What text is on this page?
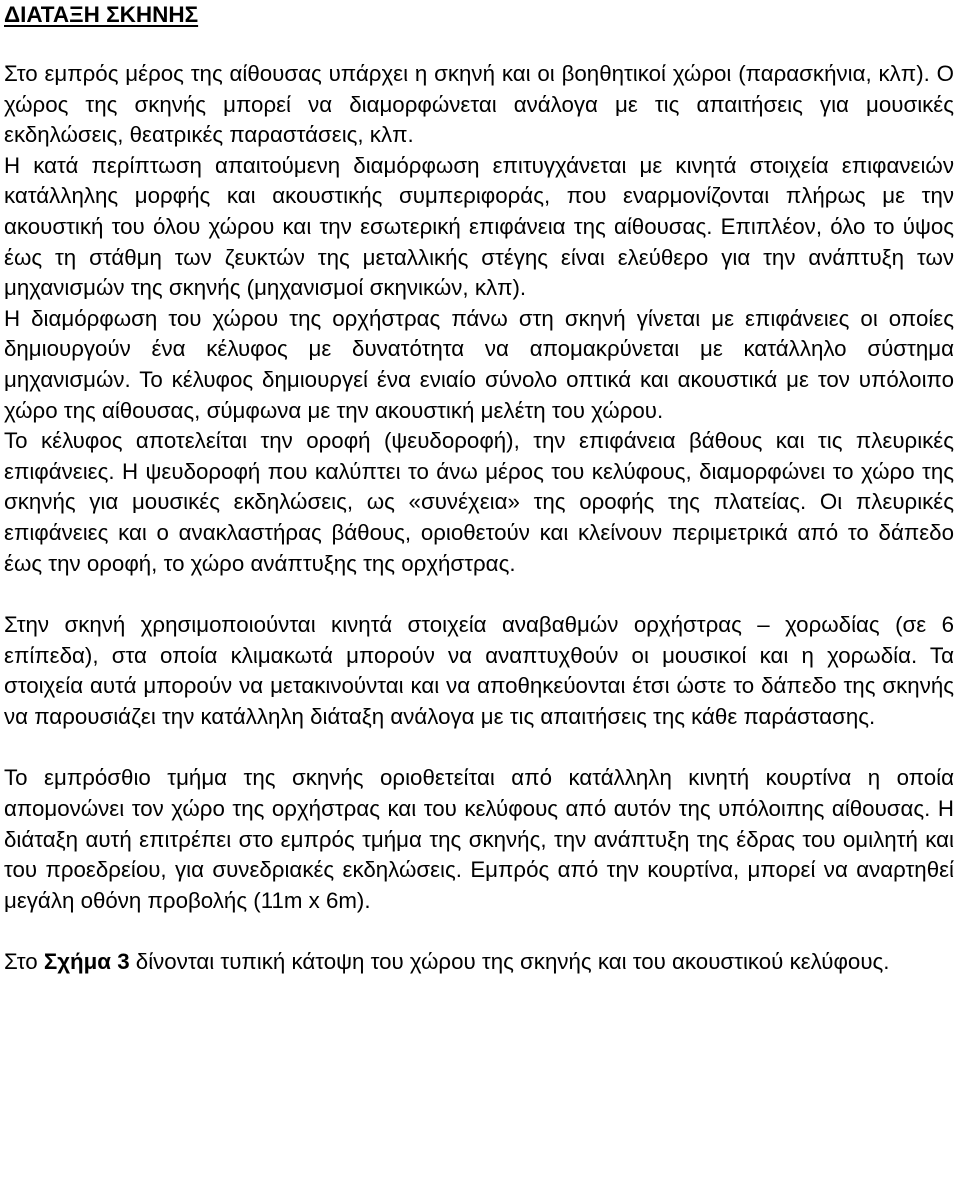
ΔΙΑΤΑΞΗ ΣΚΗΝΗΣ

Στο εμπρός μέρος της αίθουσας υπάρχει η σκηνή και οι βοηθητικοί χώροι (παρασκήνια, κλπ). Ο χώρος της σκηνής μπορεί να διαμορφώνεται ανάλογα με τις απαιτήσεις για μουσικές εκδηλώσεις, θεατρικές παραστάσεις, κλπ.

Η κατά περίπτωση απαιτούμενη διαμόρφωση επιτυγχάνεται με κινητά στοιχεία επιφανειών κατάλληλης μορφής και ακουστικής συμπεριφοράς, που εναρμονίζονται πλήρως με την ακουστική του όλου χώρου και την εσωτερική επιφάνεια της αίθουσας. Επιπλέον, όλο το ύψος έως τη στάθμη των ζευκτών της μεταλλικής στέγης είναι ελεύθερο για την ανάπτυξη των μηχανισμών της σκηνής (μηχανισμοί σκηνικών, κλπ).

Η διαμόρφωση του χώρου της ορχήστρας πάνω στη σκηνή γίνεται με επιφάνειες οι οποίες δημιουργούν ένα κέλυφος με δυνατότητα να απομακρύνεται με κατάλληλο σύστημα μηχανισμών. Το κέλυφος δημιουργεί ένα ενιαίο σύνολο οπτικά και ακουστικά με τον υπόλοιπο χώρο της αίθουσας, σύμφωνα με την ακουστική μελέτη του χώρου.

Το κέλυφος αποτελείται την οροφή (ψευδοροφή), την επιφάνεια βάθους και τις πλευρικές επιφάνειες. Η ψευδοροφή που καλύπτει το άνω μέρος του κελύφους, διαμορφώνει το χώρο της σκηνής για μουσικές εκδηλώσεις, ως «συνέχεια» της οροφής της πλατείας. Οι πλευρικές επιφάνειες και ο ανακλαστήρας βάθους, οριοθετούν και κλείνουν περιμετρικά από το δάπεδο έως την οροφή, το χώρο ανάπτυξης της ορχήστρας.

Στην σκηνή χρησιμοποιούνται κινητά στοιχεία αναβαθμών ορχήστρας – χορωδίας (σε 6 επίπεδα), στα οποία κλιμακωτά μπορούν να αναπτυχθούν οι μουσικοί και η χορωδία. Τα στοιχεία αυτά μπορούν να μετακινούνται και να αποθηκεύονται έτσι ώστε το δάπεδο της σκηνής να παρουσιάζει την κατάλληλη διάταξη ανάλογα με τις απαιτήσεις της κάθε παράστασης.

Το εμπρόσθιο τμήμα της σκηνής οριοθετείται από κατάλληλη κινητή κουρτίνα η οποία απομονώνει τον χώρο της ορχήστρας και του κελύφους από αυτόν της υπόλοιπης αίθουσας. Η διάταξη αυτή επιτρέπει στο εμπρός τμήμα της σκηνής, την ανάπτυξη της έδρας του ομιλητή και του προεδρείου, για συνεδριακές εκδηλώσεις. Εμπρός από την κουρτίνα, μπορεί να αναρτηθεί μεγάλη οθόνη προβολής (11m x 6m).

Στο Σχήμα 3 δίνονται τυπική κάτοψη του χώρου της σκηνής και του ακουστικού κελύφους.
